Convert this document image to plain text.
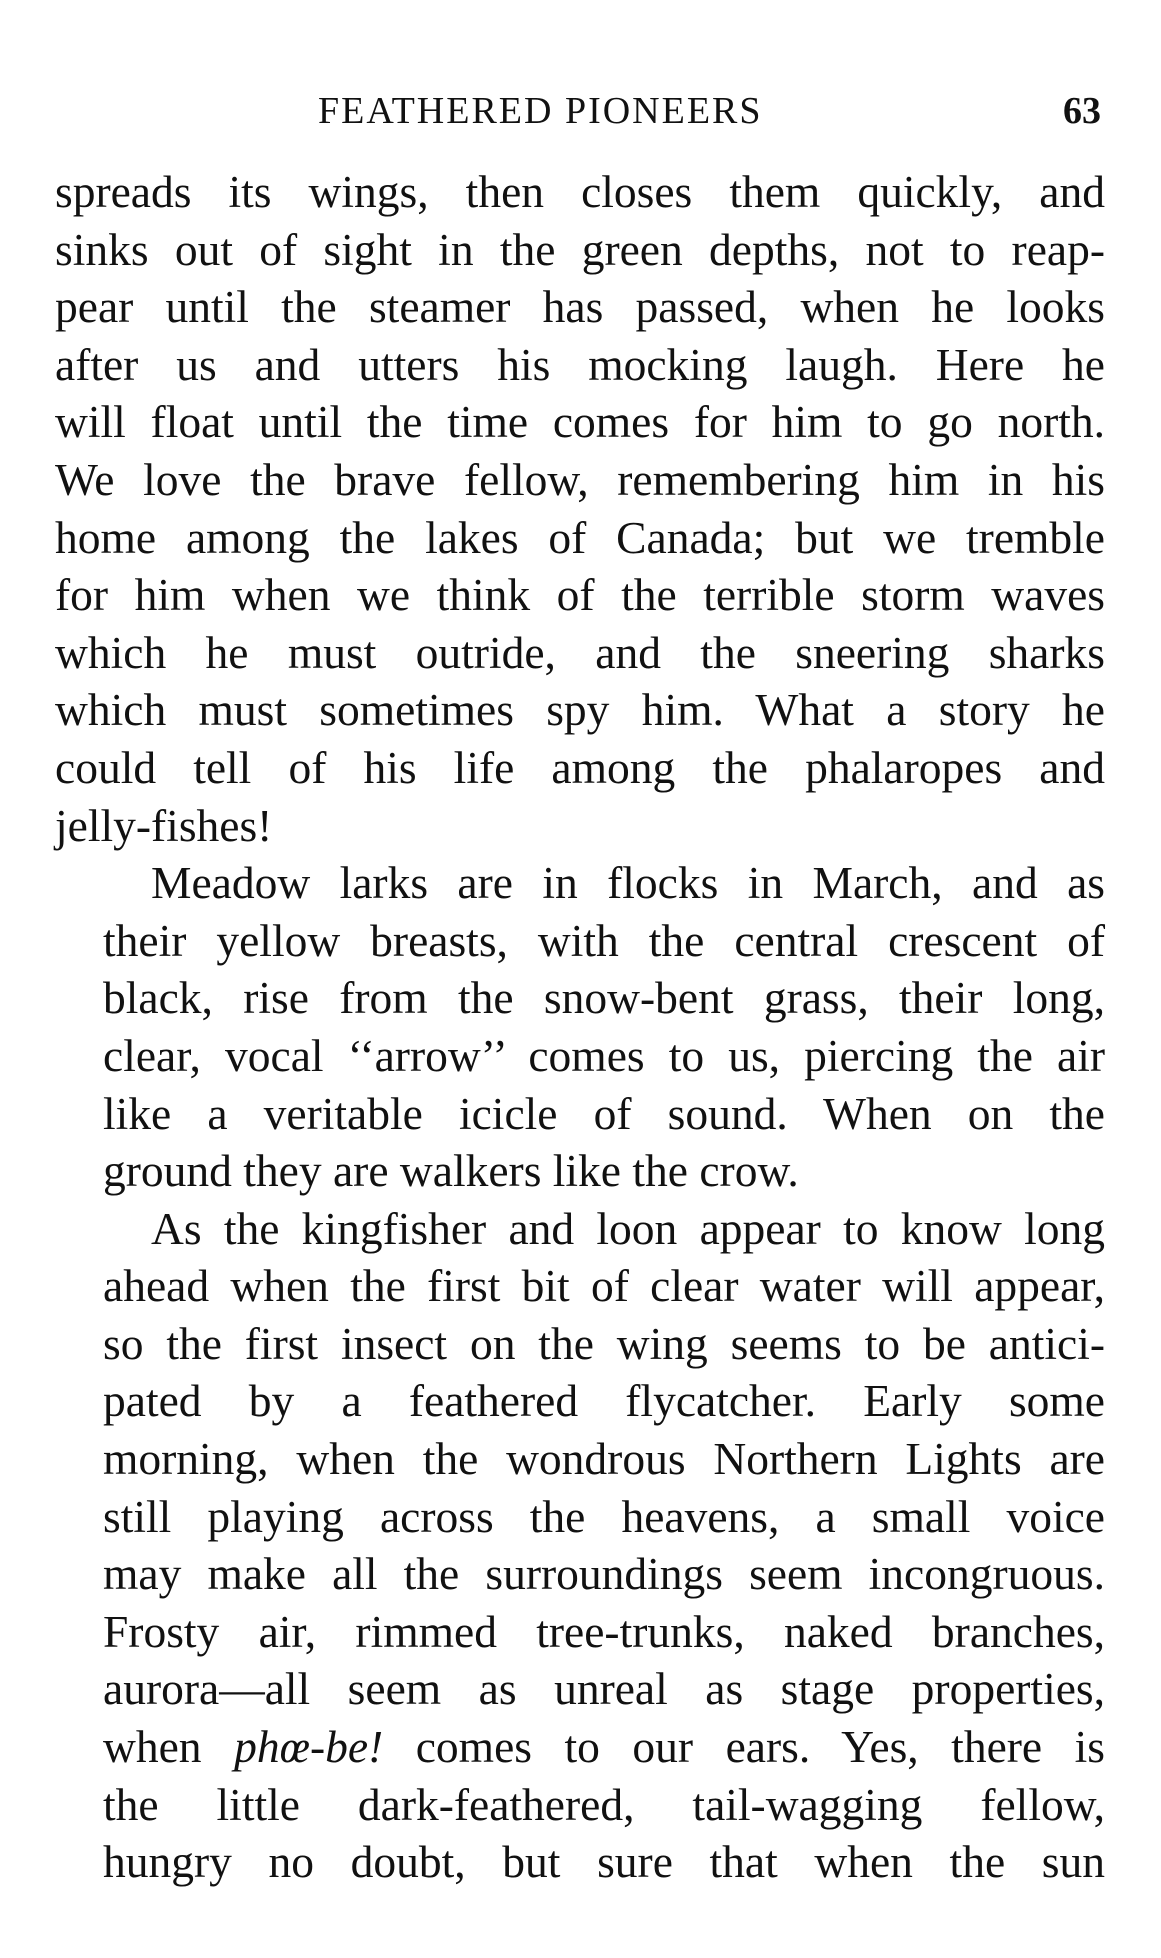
FEATHERED PIONEERS	63
spreads its wings, then closes them quickly, and
sinks out of sight in the green depths, not to reap-
pear until the steamer has passed, when he looks
after us and utters his mocking laugh. Here he
will float until the time comes for him to go north.
We love the brave fellow, remembering him in his
home among the lakes of Canada; but we tremble
for him when we think of the terrible storm waves
which he must outride, and the sneering sharks
which must sometimes spy him. What a story he
could tell of his life among the phalaropes and
jelly-fishes!
Meadow larks are in flocks in March, and as
their yellow breasts, with the central crescent of
black, rise from the snow-bent grass, their long,
clear, vocal ‘‘arrow’’ comes to us, piercing the air
like a veritable icicle of sound. When on the
ground they are walkers like the crow.
As the kingfisher and loon appear to know long
ahead when the first bit of clear water will appear,
so the first insect on the wing seems to be antici-
pated by a feathered flycatcher. Early some
morning, when the wondrous Northern Lights are
still playing across the heavens, a small voice
may make all the surroundings seem incongruous.
Frosty air, rimmed tree-trunks, naked branches,
aurora—all seem as unreal as stage properties,
when phœ-be! comes to our ears. Yes, there is
the little dark-feathered, tail-wagging fellow,
hungry no doubt, but sure that when the sun
